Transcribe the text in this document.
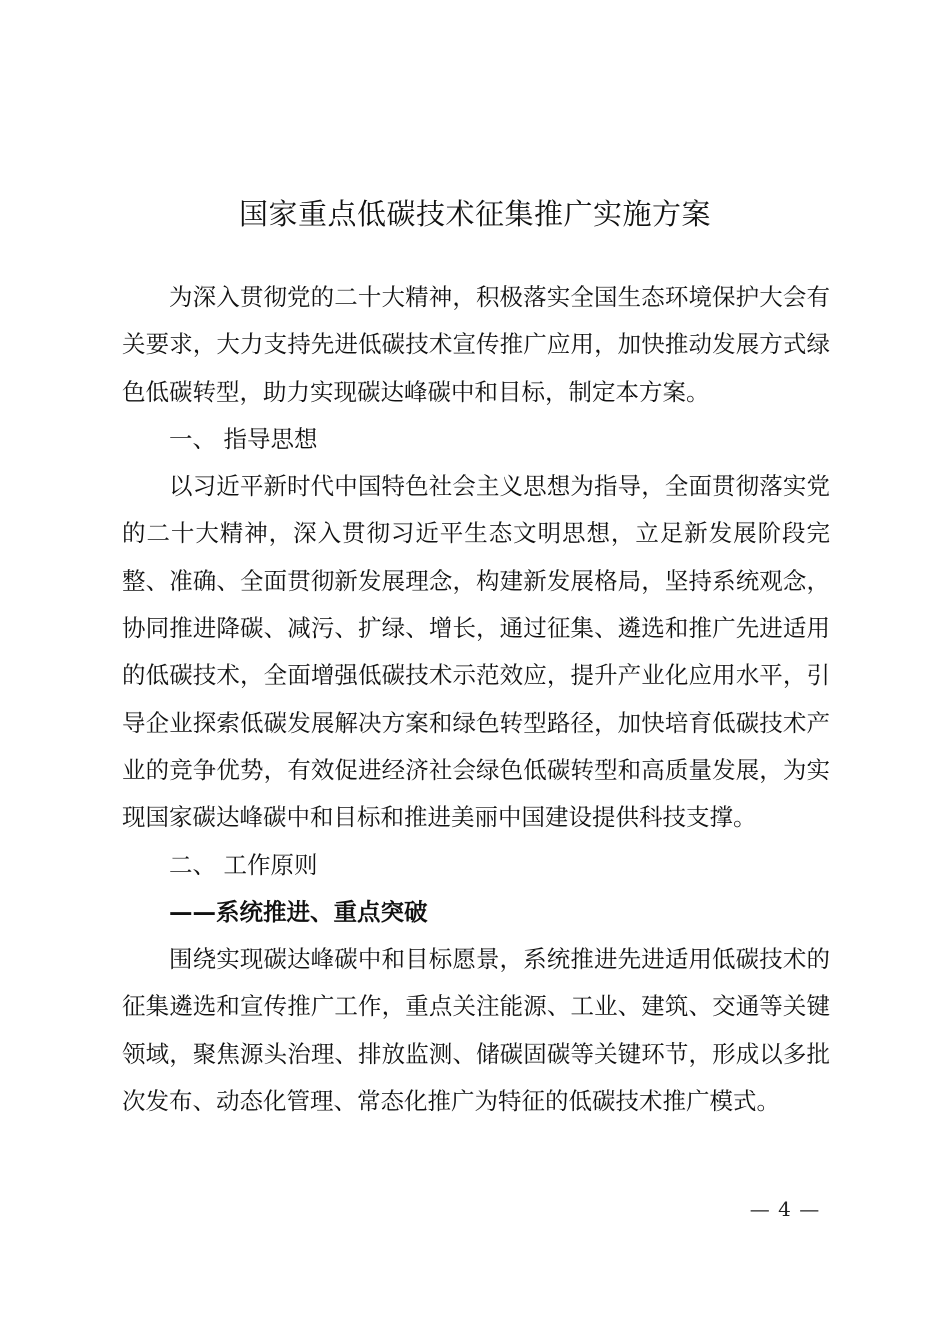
国家重点低碳技术征集推广实施方案

为深入贯彻党的二十大精神，积极落实全国生态环境保护大会有关要求，大力支持先进低碳技术宣传推广应用，加快推动发展方式绿色低碳转型，助力实现碳达峰碳中和目标，制定本方案。

一、 指导思想

以习近平新时代中国特色社会主义思想为指导，全面贯彻落实党的二十大精神，深入贯彻习近平生态文明思想，立足新发展阶段完整、准确、全面贯彻新发展理念，构建新发展格局，坚持系统观念，协同推进降碳、减污、扩绿、增长，通过征集、遴选和推广先进适用的低碳技术，全面增强低碳技术示范效应，提升产业化应用水平，引导企业探索低碳发展解决方案和绿色转型路径，加快培育低碳技术产业的竞争优势，有效促进经济社会绿色低碳转型和高质量发展，为实现国家碳达峰碳中和目标和推进美丽中国建设提供科技支撑。

二、 工作原则

——系统推进、重点突破

围绕实现碳达峰碳中和目标愿景，系统推进先进适用低碳技术的征集遴选和宣传推广工作，重点关注能源、工业、建筑、交通等关键领域，聚焦源头治理、排放监测、储碳固碳等关键环节，形成以多批次发布、动态化管理、常态化推广为特征的低碳技术推广模式。

— 4 —
